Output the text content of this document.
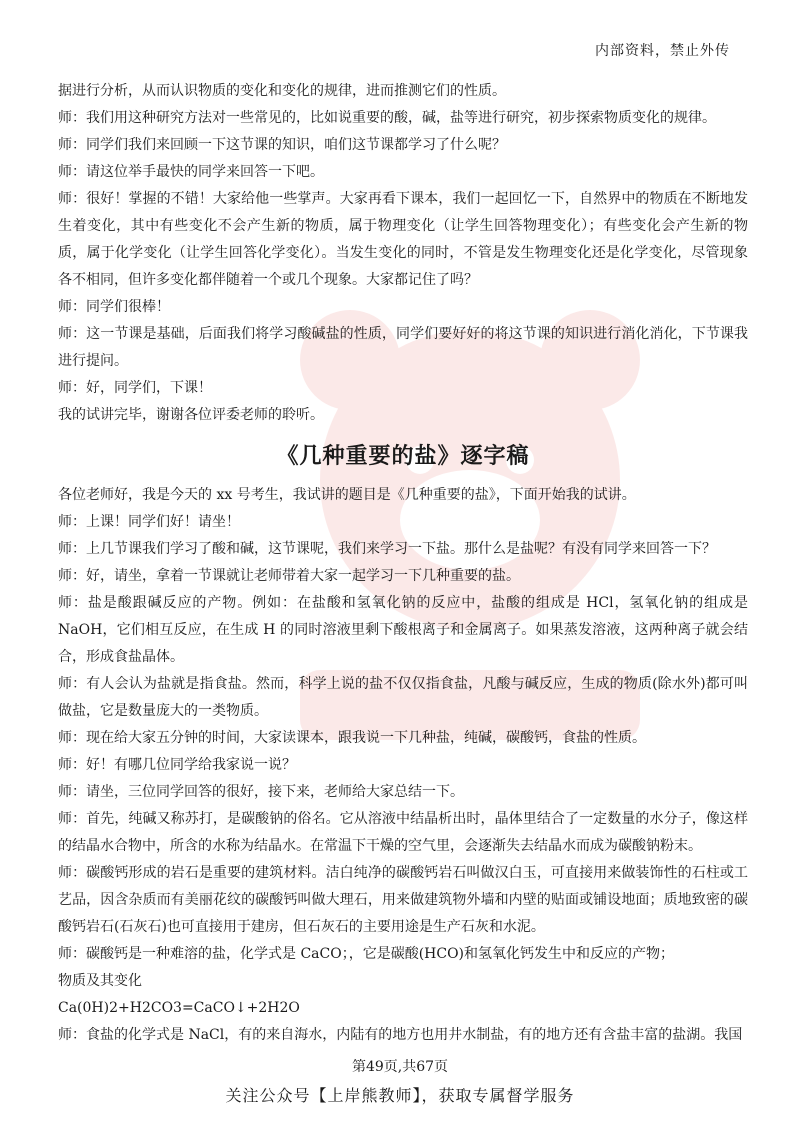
内部资料，禁止外传

据进行分析，从而认识物质的变化和变化的规律，进而推测它们的性质。

师：我们用这种研究方法对一些常见的，比如说重要的酸，碱，盐等进行研究，初步探索物质变化的规律。

师：同学们我们来回顾一下这节课的知识，咱们这节课都学习了什么呢？

师：请这位举手最快的同学来回答一下吧。

师：很好！掌握的不错！大家给他一些掌声。大家再看下课本，我们一起回忆一下，自然界中的物质在不断地发生着变化，其中有些变化不会产生新的物质，属于物理变化（让学生回答物理变化）；有些变化会产生新的物质，属于化学变化（让学生回答化学变化）。当发生变化的同时，不管是发生物理变化还是化学变化，尽管现象各不相同，但许多变化都伴随着一个或几个现象。大家都记住了吗？

师：同学们很棒！

师：这一节课是基础，后面我们将学习酸碱盐的性质，同学们要好好的将这节课的知识进行消化消化，下节课我进行提问。

师：好，同学们，下课！

我的试讲完毕，谢谢各位评委老师的聆听。

《几种重要的盐》逐字稿

各位老师好，我是今天的 xx 号考生，我试讲的题目是《几种重要的盐》，下面开始我的试讲。

师：上课！同学们好！请坐！

师：上几节课我们学习了酸和碱，这节课呢，我们来学习一下盐。那什么是盐呢？有没有同学来回答一下？

师：好，请坐，拿着一节课就让老师带着大家一起学习一下几种重要的盐。

师：盐是酸跟碱反应的产物。例如：在盐酸和氢氧化钠的反应中，盐酸的组成是 HCl，氢氧化钠的组成是 NaOH，它们相互反应，在生成 H 的同时溶液里剩下酸根离子和金属离子。如果蒸发溶液，这两种离子就会结合，形成食盐晶体。

师：有人会认为盐就是指食盐。然而，科学上说的盐不仅仅指食盐，凡酸与碱反应，生成的物质(除水外)都可叫做盐，它是数量庞大的一类物质。

师：现在给大家五分钟的时间，大家读课本，跟我说一下几种盐，纯碱，碳酸钙，食盐的性质。

师：好！有哪几位同学给我家说一说？

师：请坐，三位同学回答的很好，接下来，老师给大家总结一下。

师：首先，纯碱又称苏打，是碳酸钠的俗名。它从溶液中结晶析出时，晶体里结合了一定数量的水分子，像这样的结晶水合物中，所含的水称为结晶水。在常温下干燥的空气里，会逐渐失去结晶水而成为碳酸钠粉末。

师：碳酸钙形成的岩石是重要的建筑材料。洁白纯净的碳酸钙岩石叫做汉白玉，可直接用来做装饰性的石柱或工艺品，因含杂质而有美丽花纹的碳酸钙叫做大理石，用来做建筑物外墙和内壁的贴面或铺设地面；质地致密的碳酸钙岩石(石灰石)也可直接用于建房，但石灰石的主要用途是生产石灰和水泥。

师：碳酸钙是一种难溶的盐，化学式是 CaCO；，它是碳酸(HCO)和氢氧化钙发生中和反应的产物；

物质及其变化

Ca(0H)2+H2CO3=CaCO↓+2H2O

师：食盐的化学式是 NaCl，有的来自海水，内陆有的地方也用井水制盐，有的地方还有含盐丰富的盐湖。我国

第49页,共67页
关注公众号【上岸熊教师】，获取专属督学服务
